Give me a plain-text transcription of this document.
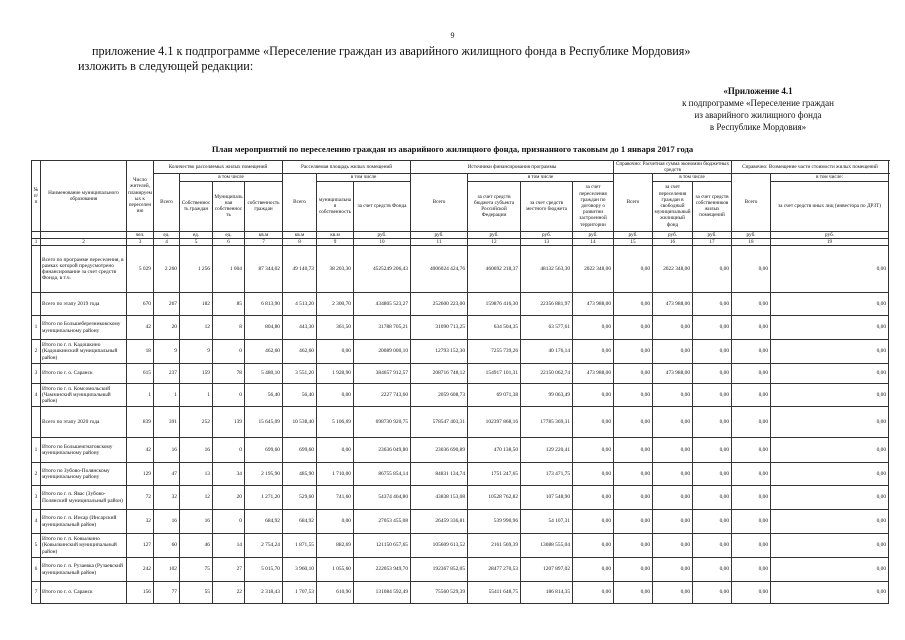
9
приложение 4.1 к подпрограмме «Переселение граждан из аварийного жилищного фонда в Республике Мордовия»
изложить в следующей редакции:
«Приложение 4.1
к подпрограмме «Переселение граждан
из аварийного жилищного фонда
в Республике Мордовия»
План мероприятий по переселению граждан из аварийного жилищного фонда, признанного таковым до 1 января 2017 года
№ п/п	Наименование муниципального образования	Число жителей, планируемых к переселению	Количество расселяемых жилых помещений				Расселяемая площадь жилых помещений			Источники финансирования программы				Справочно: Расчетная сумма экономии бюджетных средств			Справочно: Возмещение части стоимости жилых помещений	
			Всего	в том числе			Всего	в том числе		Всего	в том числе			Всего	в том числе		Всего	в том числе:
				Собственность граждан	Муниципальная собственность	собственность граждан		муниципальная собственность	за счет средств Фонда		за счет средств бюджета субъекта Российской Федерации	за счет средств местного бюджета	за счет переселения граждан по договору о развитии застроенной территории		за счет переселения граждан в свободный муниципальный жилищный фонд	за счет средств собственников жилых помещений		за счет средств иных лиц (инвестора по ДРЗТ)
		чел.	ед.	ед.	ед.	кв.м	кв.м	кв.м	руб.	руб.	руб.	руб.	руб.	руб.	руб.	руб.	руб.	руб.
1	2	3	4	5	6	7	8	9	10	11	12	13	14	15	16	17	18	19
	Всего по программе переселения, в рамках которой предусмотрено финансирование за счет средств Фонда, в т.ч.	5 029	2 260	1 256	1 004	87 344,02	49 140,73	38 203,30	4525249 206,43	4006024 424,76	460692 218,37	48132 563,30	2022 348,00	0,00	2022 348,00	0,00	0,00	0,00
	Всего по этапу 2019 года	670	267	182	85	6 813,90	4 513,20	2 300,70	434805 523,27	252600 223,00	159876 416,30	22356 881,97	473 988,00	0,00	473 988,00	0,00	0,00	0,00
1	Итого по Большеберезниковскому муниципальному району	42	20	12	8	804,80	443,30	361,50	31788 705,21	31090 713,25	634 504,35	63 577,61	0,00	0,00	0,00	0,00	0,00	0,00
2	Итого по г. п. Кадошкино (Кадошкинский муниципальный район)	18	9	9	0	462,60	462,60	0,00	20089 000,10	12793 152,30	7255 739,26	40 176,14	0,00	0,00	0,00	0,00	0,00	0,00
3	Итого по г. о. Саранск	615	237	159	78	5 480,10	3 551,20	1 928,90	384657 912,57	208716 748,12	154917 101,31	22150 062,74	473 988,00	0,00	473 988,00	0,00	0,00	0,00
4	Итого по г. п. Комсомольский (Чамзинский муниципальный район)	1	1	1	0	56,40	56,40	0,00	2227 743,60	2059 608,73	69 071,38	99 063,49	0,00	0,00	0,00	0,00	0,00	0,00
	Всего по этапу 2020 года	839	391	252	139	15 645,09	10 538,40	5 106,69	698730 920,75	578547 403,31	102397 868,16	17785 369,31	0,00	0,00	0,00	0,00	0,00	0,00
1	Итого по Большеигнатовскому муниципальному району	42	16	16	0	699,60	699,60	0,00	23636 049,80	23036 690,89	470 138,50	129 220,41	0,00	0,00	0,00	0,00	0,00	0,00
2	Итого по Зубово-Полянскому муниципальному району	129	47	13	34	2 195,90	485,90	1 710,00	86755 854,14	84831 134,74	1751 247,65	173 471,75	0,00	0,00	0,00	0,00	0,00	0,00
3	Итого по г. п. Явас (Зубово-Полянский муниципальный район)	72	32	12	20	1 271,20	529,60	741,60	54374 464,80	43838 153,08	10528 762,82	107 548,90	0,00	0,00	0,00	0,00	0,00	0,00
4	Итого по г. п. Инсар (Инсарский муниципальный район)	32	16	16	0	684,92	684,92	0,00	27053 455,08	26459 336,81	539 990,96	54 107,31	0,00	0,00	0,00	0,00	0,00	0,00
5	Итого по г. п. Ковылкино (Ковылкинский муниципальный район)	127	60	46	14	2 754,24	1 871,55	882,69	121150 657,65	105609 613,52	2161 569,39	13088 555,04	0,00	0,00	0,00	0,00	0,00	0,00
6	Итого по г. п. Рузаевка (Рузаевский муниципальный район)	242	102	75	27	5 015,70	3 960,10	1 055,60	222053 949,70	192367 852,05	28477 270,53	1207 897,02	0,00	0,00	0,00	0,00	0,00	0,00
7	Итого по г. о. Саранск	156	77	55	22	2 318,43	1 707,53	610,90	131084 592,49	75560 529,39	55411 648,75	186 814,35	0,00	0,00	0,00	0,00	0,00	0,00
